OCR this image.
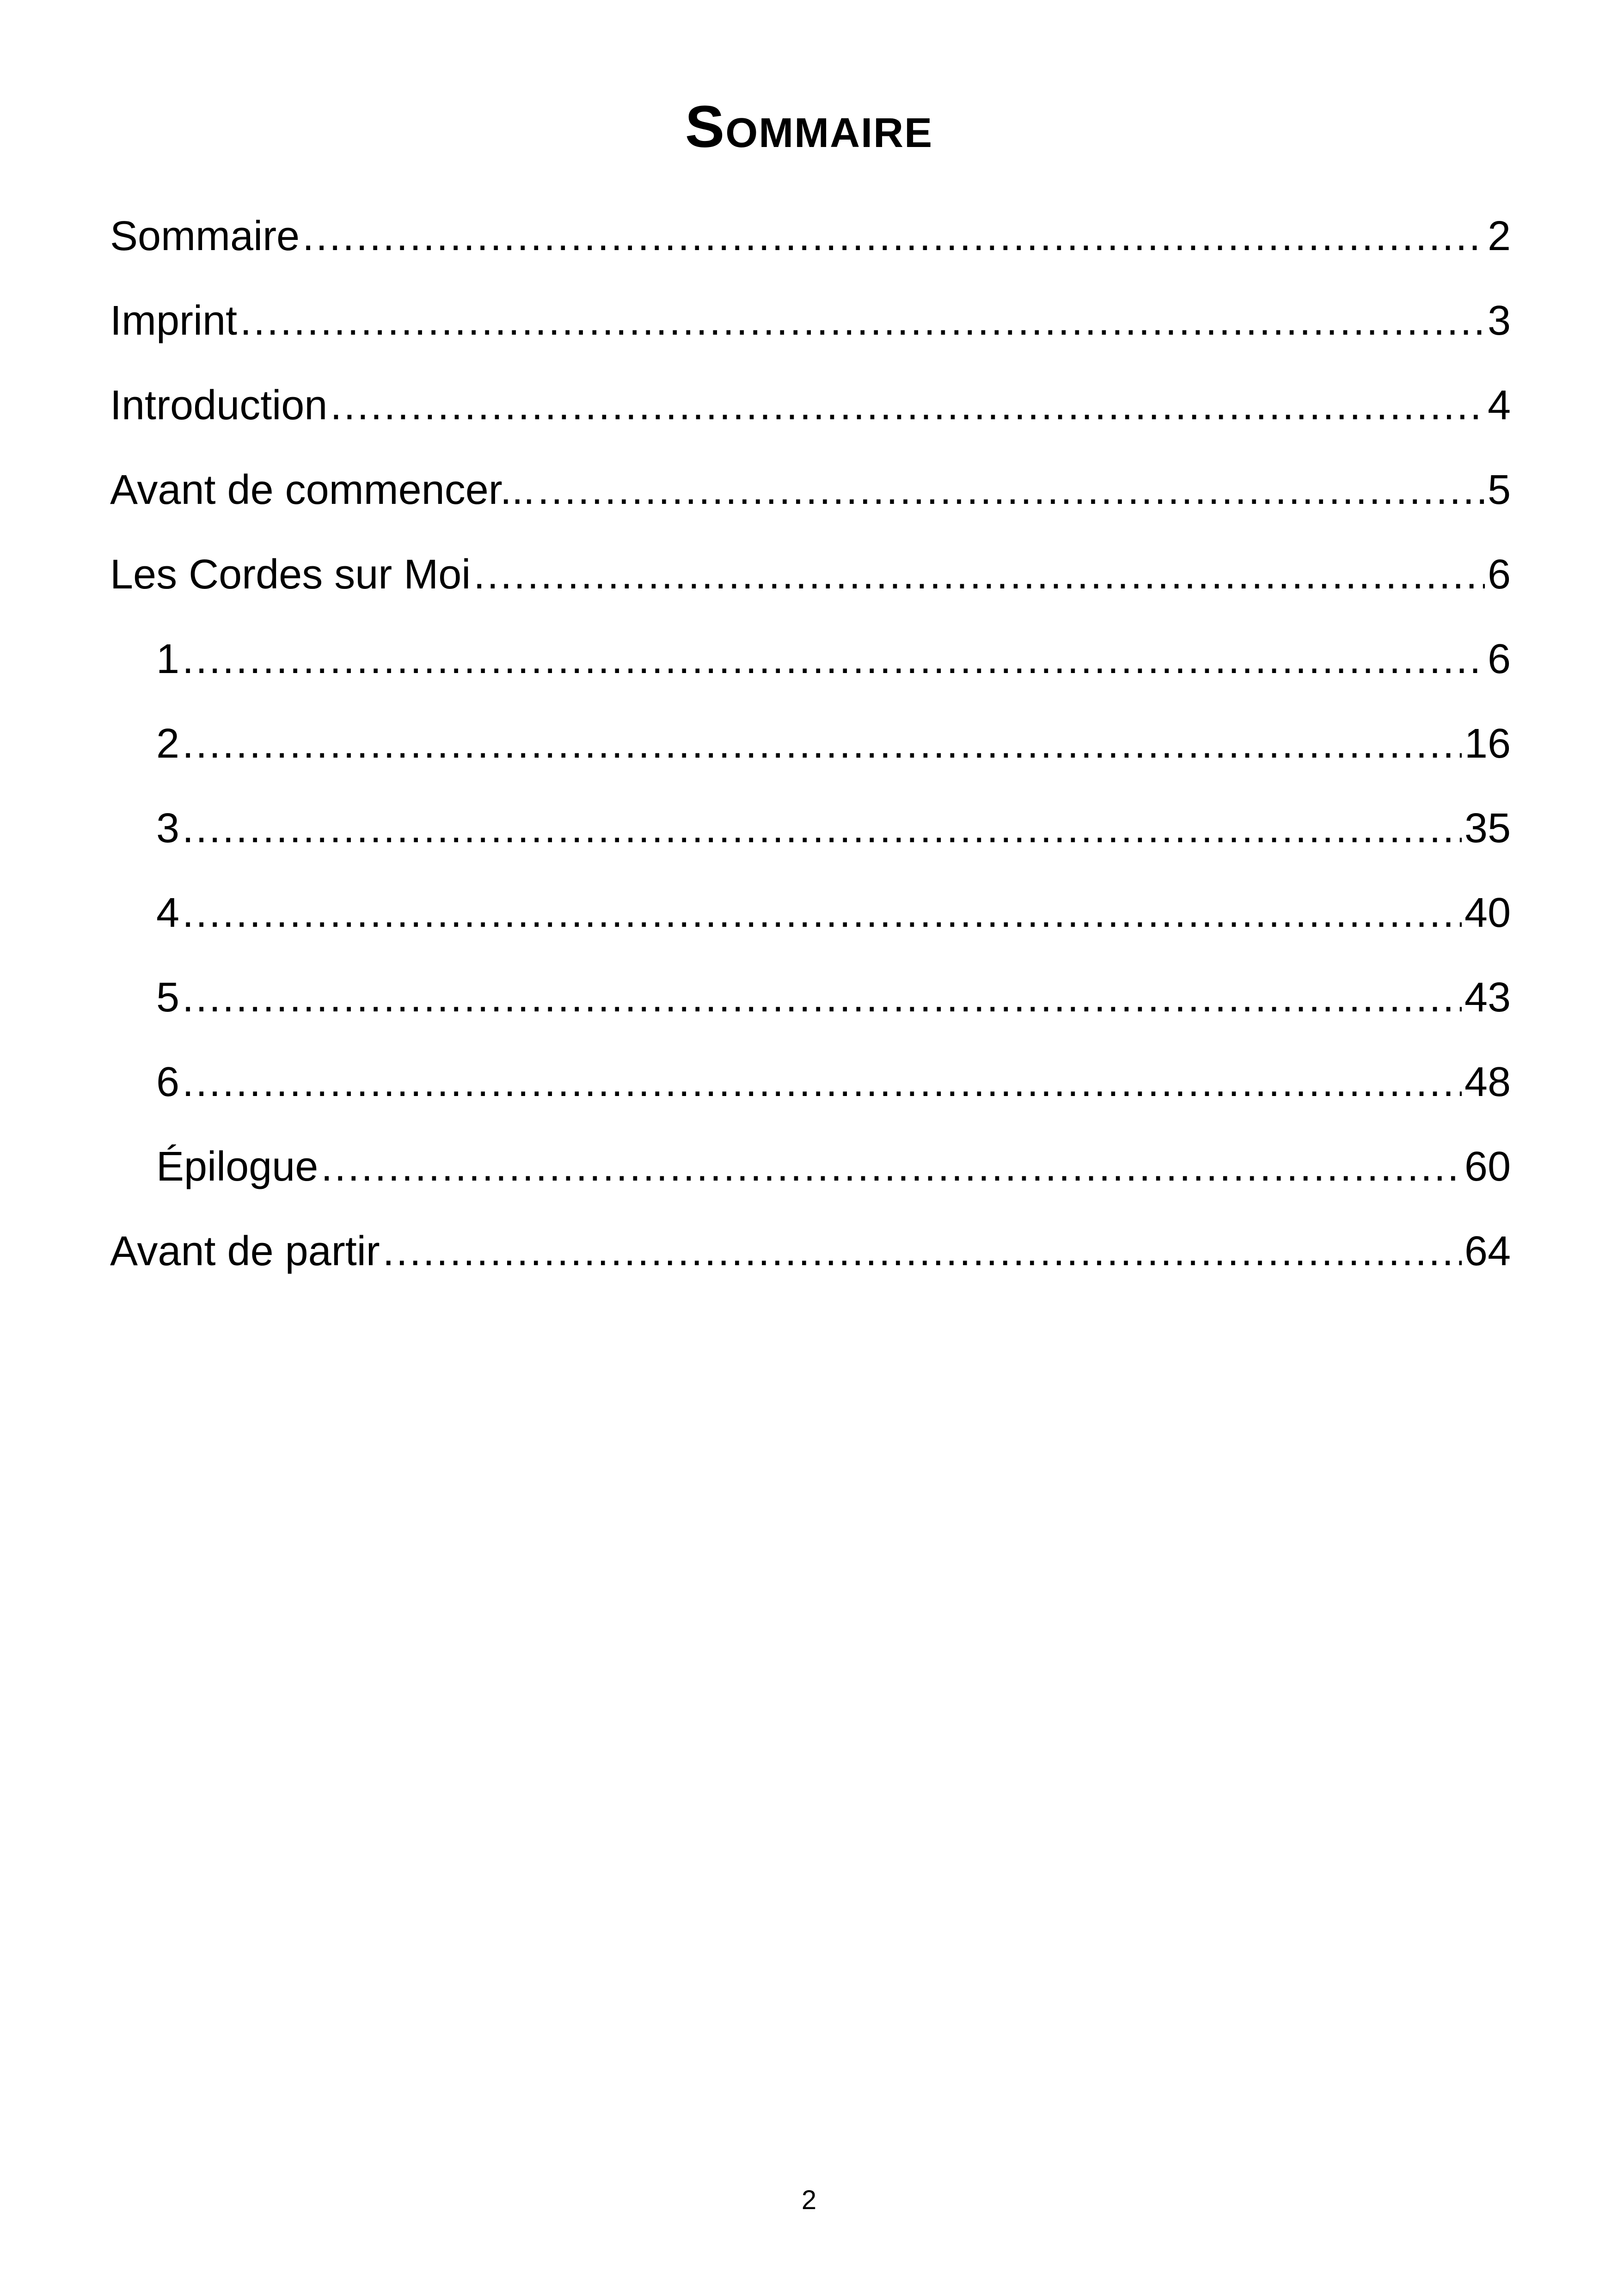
Sommaire
Sommaire .....	2
Imprint .....	3
Introduction .....	4
Avant de commencer... .....	5
Les Cordes sur Moi .....	6
1 .....	6
2 .....	16
3 .....	35
4 .....	40
5 .....	43
6 .....	48
Épilogue .....	60
Avant de partir .....	64
2
